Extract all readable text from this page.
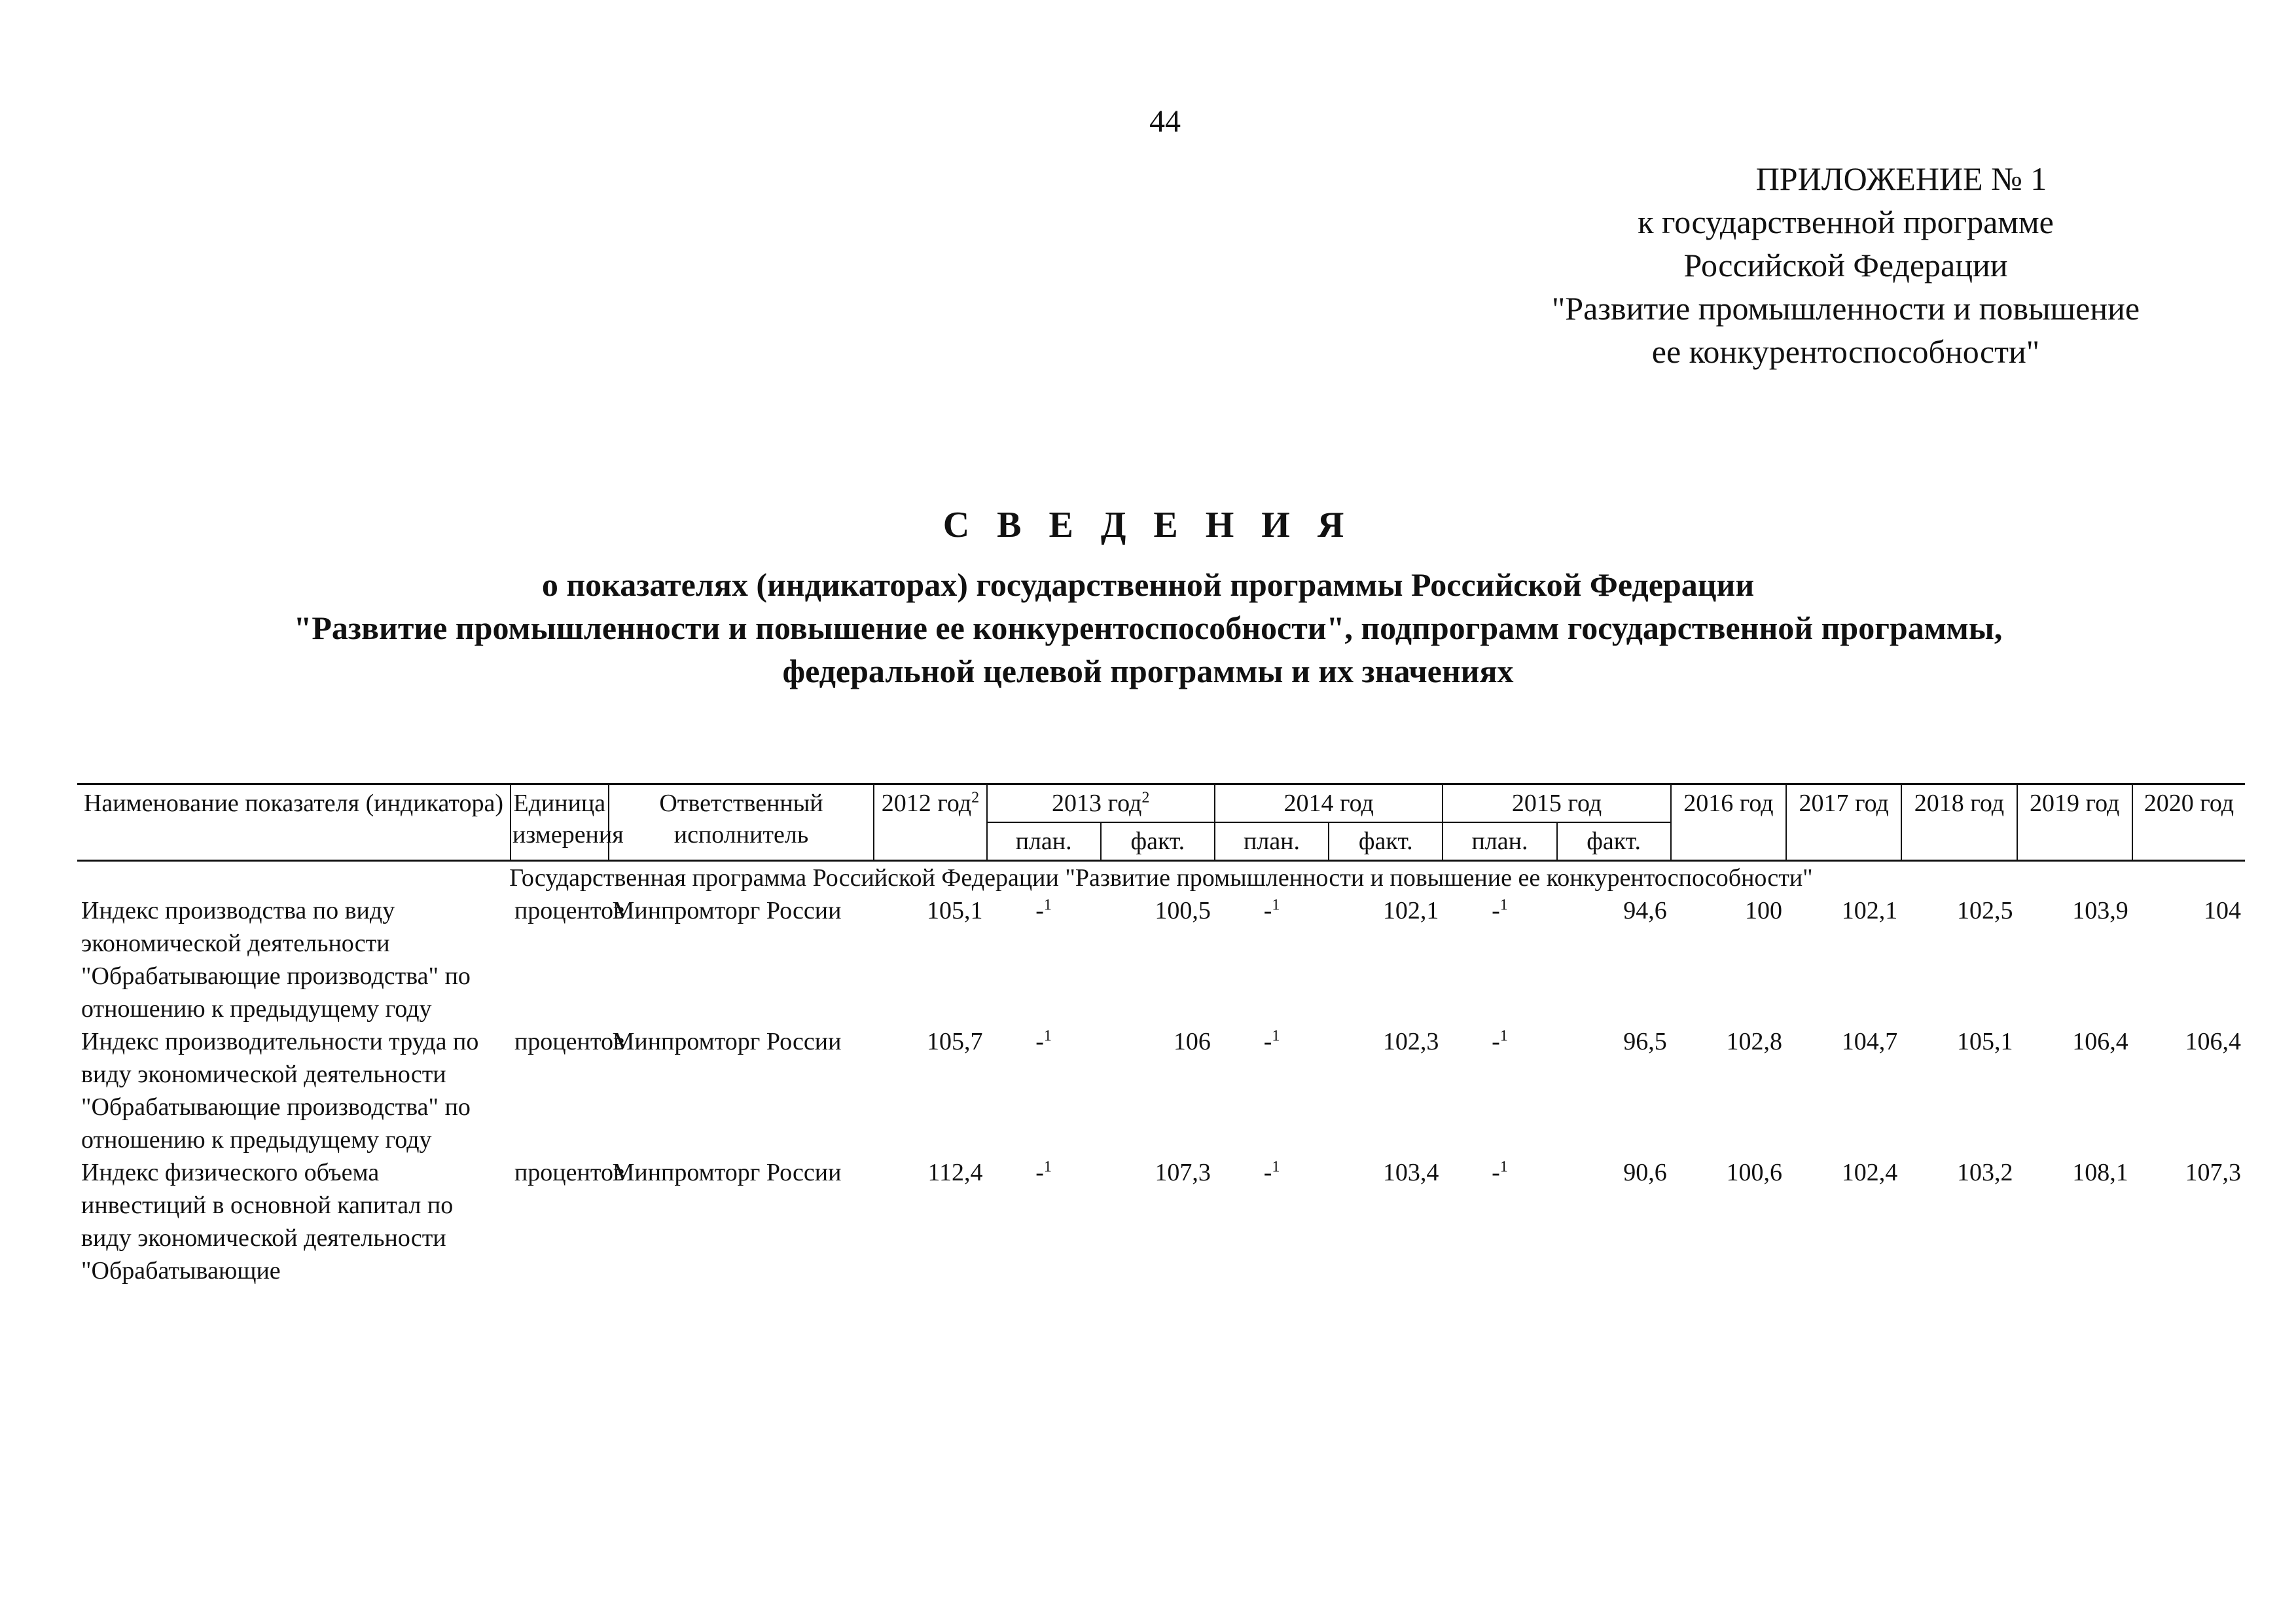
44
ПРИЛОЖЕНИЕ № 1
к государственной программе
Российской Федерации
"Развитие промышленности и повышение
ее конкурентоспособности"
С В Е Д Е Н И Я
о показателях (индикаторах) государственной программы Российской Федерации
"Развитие промышленности и повышение ее конкурентоспособности", подпрограмм государственной программы,
федеральной целевой программы и их значениях
Наименование показателя (индикатора)	Единица измерения	Ответственный исполнитель	2012 год$^2$	2013 год$^2$		2014 год		2015 год		2016 год	2017 год	2018 год	2019 год	2020 год
				план.	факт.	план.	факт.	план.	факт.					
Государственная программа Российской Федерации "Развитие промышленности и повышение ее конкурентоспособности"														
Индекс производства по виду экономической деятельности "Обрабатывающие производства" по отношению к предыдущему году	процентов	Минпромторг России	105,1	-$^1$	100,5	-$^1$	102,1	-$^1$	94,6	100	102,1	102,5	103,9	104
Индекс производительности труда по виду экономической деятельности "Обрабатывающие производства" по отношению к предыдущему году	процентов	Минпромторг России	105,7	-$^1$	106	-$^1$	102,3	-$^1$	96,5	102,8	104,7	105,1	106,4	106,4
Индекс физического объема инвестиций в основной капитал по виду экономической деятельности "Обрабатывающие	процентов	Минпромторг России	112,4	-$^1$	107,3	-$^1$	103,4	-$^1$	90,6	100,6	102,4	103,2	108,1	107,3
